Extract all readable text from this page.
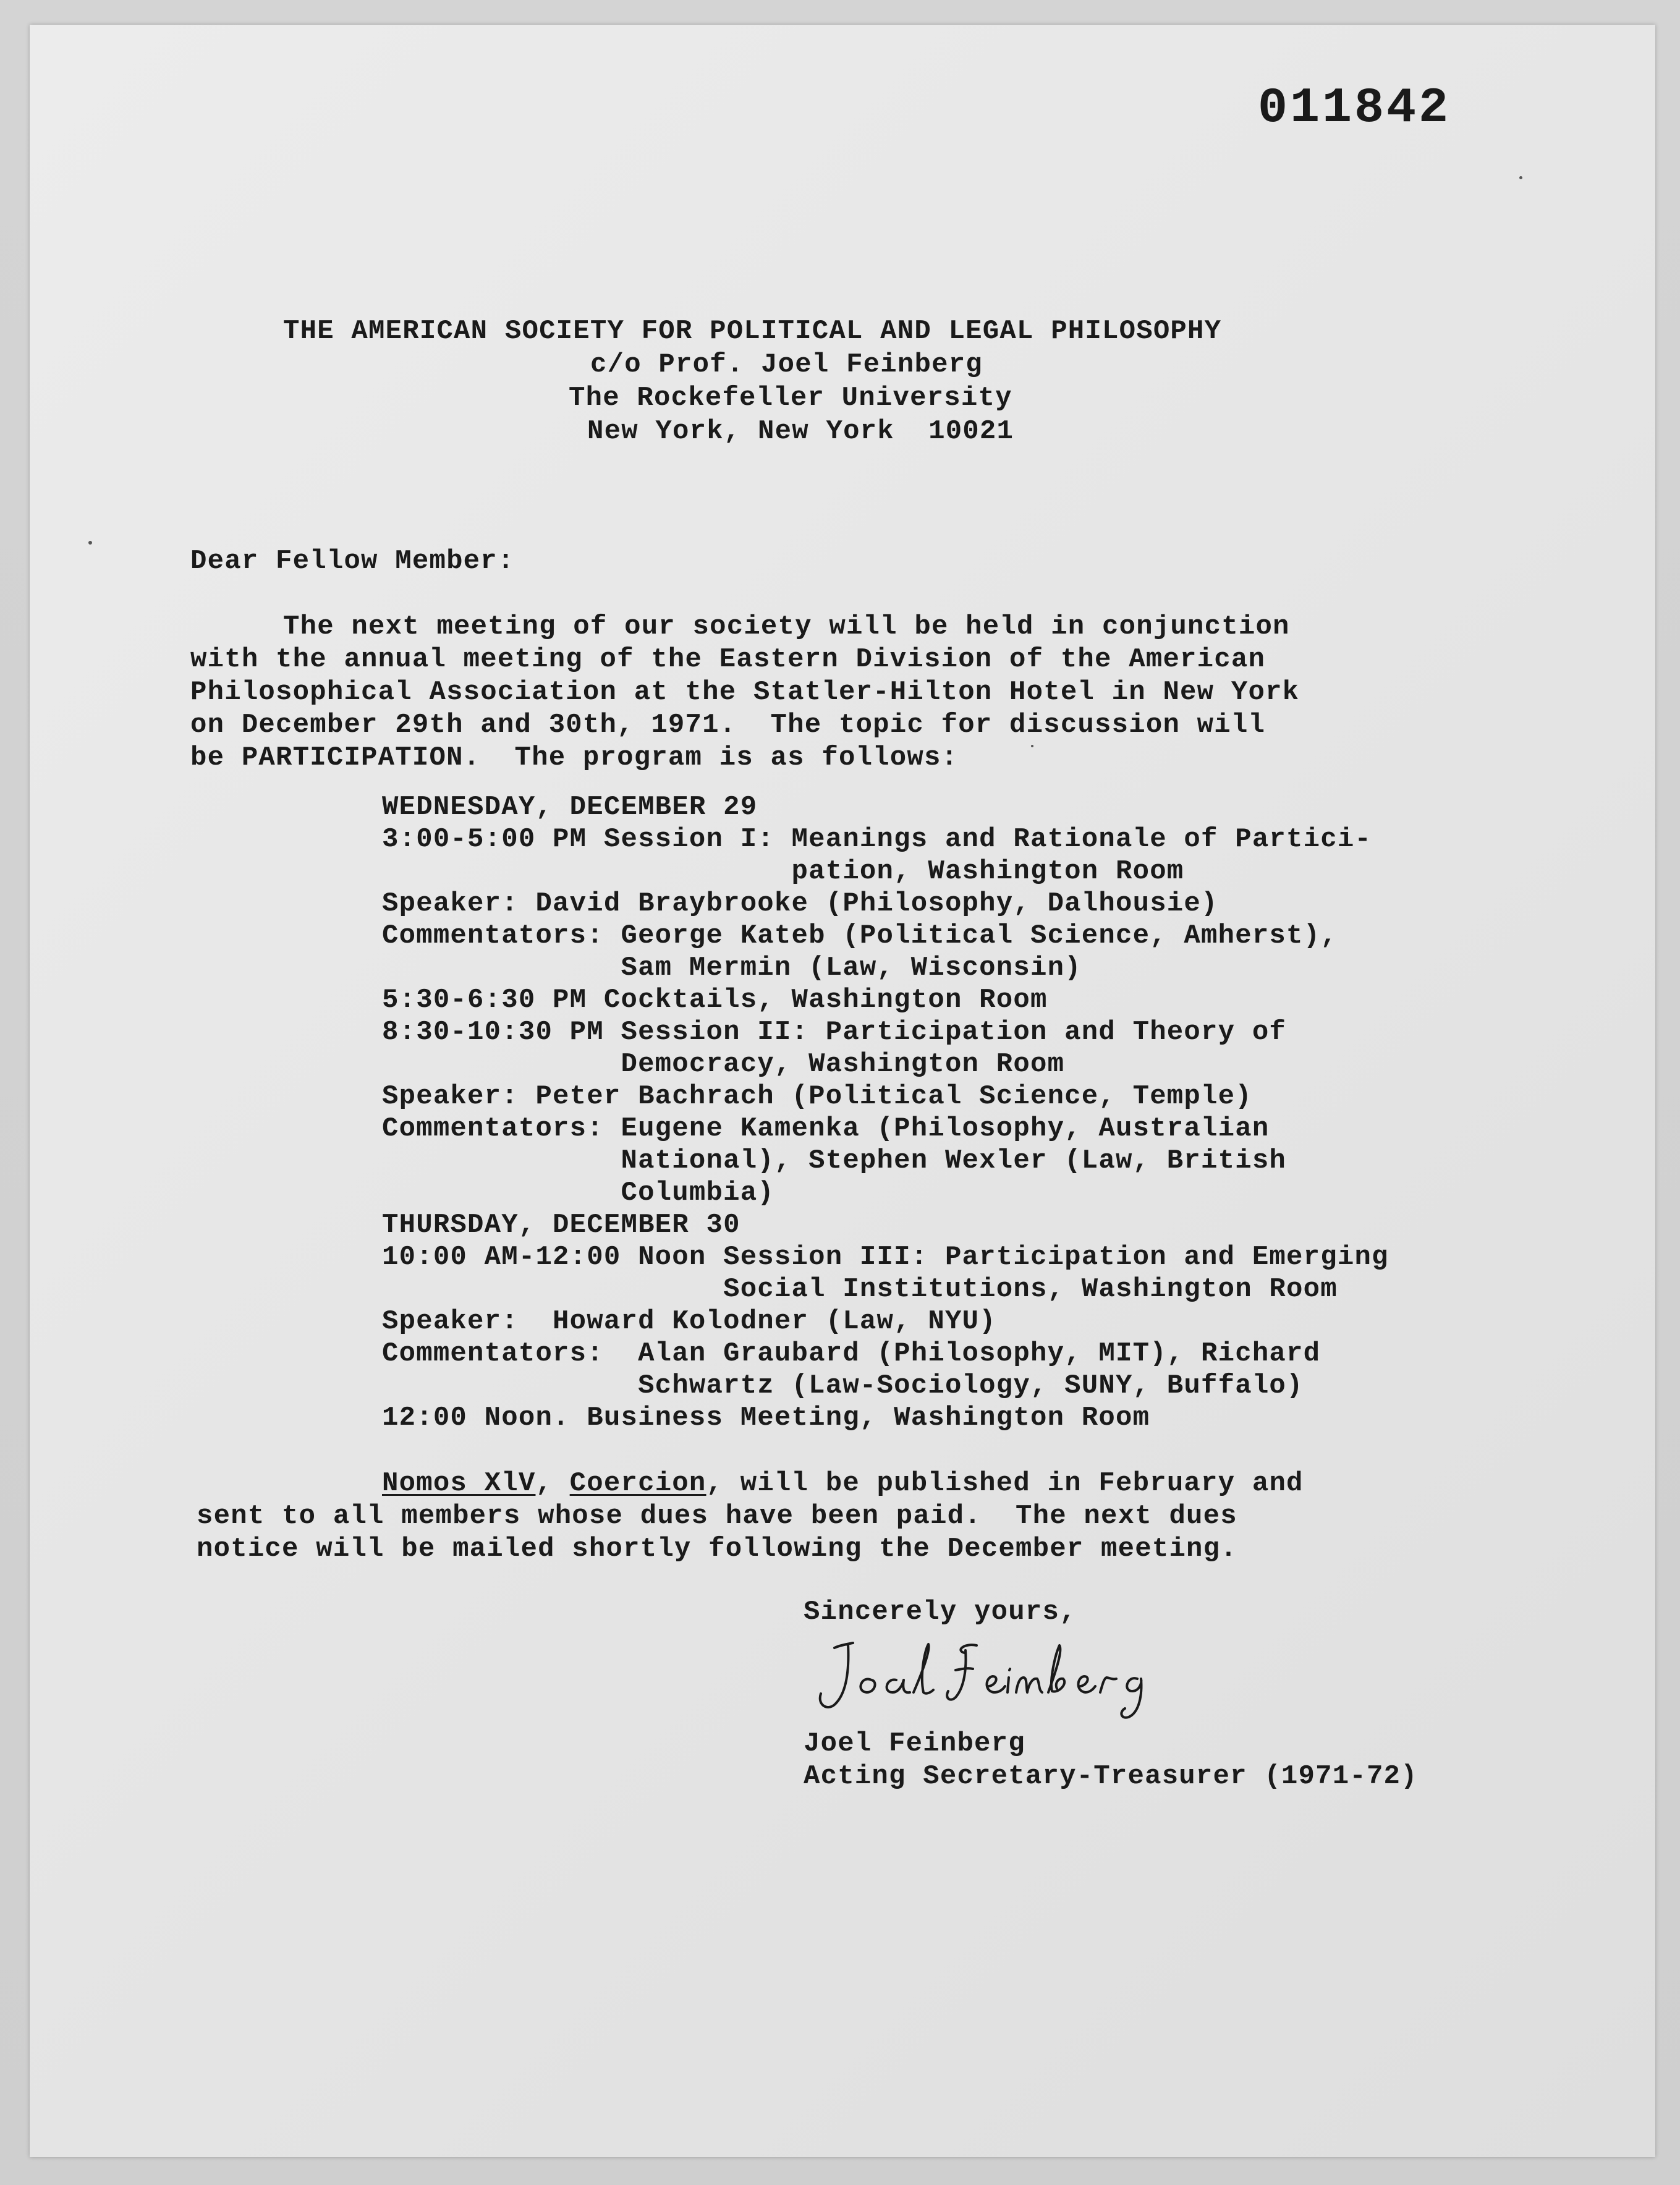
011842
THE AMERICAN SOCIETY FOR POLITICAL AND LEGAL PHILOSOPHY
c/o Prof. Joel Feinberg
The Rockefeller University
New York, New York  10021
Dear Fellow Member:
The next meeting of our society will be held in conjunction
with the annual meeting of the Eastern Division of the American
Philosophical Association at the Statler-Hilton Hotel in New York
on December 29th and 30th, 1971.  The topic for discussion will
be PARTICIPATION.  The program is as follows:
WEDNESDAY, DECEMBER 29
3:00-5:00 PM Session I: Meanings and Rationale of Partici-
pation, Washington Room
Speaker: David Braybrooke (Philosophy, Dalhousie)
Commentators: George Kateb (Political Science, Amherst),
Sam Mermin (Law, Wisconsin)
5:30-6:30 PM Cocktails, Washington Room
8:30-10:30 PM Session II: Participation and Theory of
Democracy, Washington Room
Speaker: Peter Bachrach (Political Science, Temple)
Commentators: Eugene Kamenka (Philosophy, Australian
National), Stephen Wexler (Law, British
Columbia)
THURSDAY, DECEMBER 30
10:00 AM-12:00 Noon Session III: Participation and Emerging
Social Institutions, Washington Room
Speaker:  Howard Kolodner (Law, NYU)
Commentators:  Alan Graubard (Philosophy, MIT), Richard
Schwartz (Law-Sociology, SUNY, Buffalo)
12:00 Noon. Business Meeting, Washington Room
Nomos XlV, Coercion, will be published in February and
sent to all members whose dues have been paid.  The next dues
notice will be mailed shortly following the December meeting.
Sincerely yours,
Joel Feinberg
Acting Secretary-Treasurer (1971-72)
